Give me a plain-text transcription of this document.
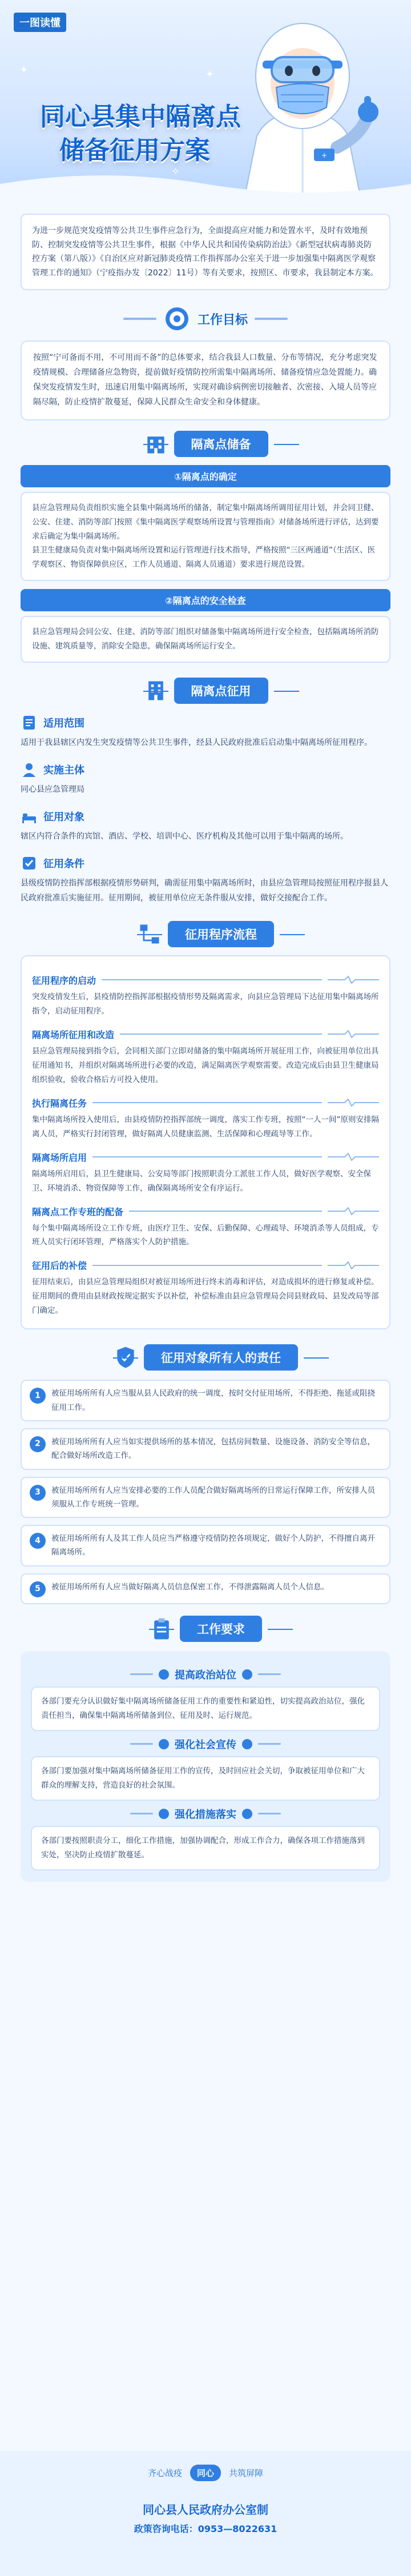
一图读懂
✦	✦
✧
同心县集中隔离点
储备征用方案	+

为进一步规范突发疫情等公共卫生事件应急行为，全面提高应对能力和处置水平，及时有效地预防、控制突发疫情等公共卫生事件，根据《中华人民共和国传染病防治法》《新型冠状病毒肺炎防控方案（第八版）》《自治区应对新冠肺炎疫情工作指挥部办公室关于进一步加强集中隔离医学观察管理工作的通知》（宁疫指办发〔2022〕11号）等有关要求，按照区、市要求，我县制定本方案。

工作目标

按照“宁可备而不用，不可用而不备”的总体要求，结合我县人口数量、分布等情况，充分考虑突发疫情规模、合理储备应急物资，提前做好疫情防控所需集中隔离场所、储备疫情应急处置能力。确保突发疫情发生时，迅速启用集中隔离场所，实现对确诊病例密切接触者、次密接、入境人员等应隔尽隔，防止疫情扩散蔓延，保障人民群众生命安全和身体健康。

隔离点储备
①隔离点的确定

县应急管理局负责组织实施全县集中隔离场所的储备，制定集中隔离场所调用征用计划，并会同卫健、公安、住建、消防等部门按照《集中隔离医学观察场所设置与管理指南》对储备场所进行评估，达到要求后确定为集中隔离场所。

县卫生健康局负责对集中隔离场所设置和运行管理进行技术指导，严格按照“三区两通道”（生活区、医学观察区、物资保障供应区，工作人员通道、隔离人员通道）要求进行规范设置。

②隔离点的安全检查

县应急管理局会同公安、住建、消防等部门组织对储备集中隔离场所进行安全检查，包括隔离场所消防设施、建筑质量等，消除安全隐患，确保隔离场所运行安全。

隔离点征用
适用范围

适用于我县辖区内发生突发疫情等公共卫生事件，经县人民政府批准后启动集中隔离场所征用程序。

实施主体

同心县应急管理局

征用对象

辖区内符合条件的宾馆、酒店、学校、培训中心、医疗机构及其他可以用于集中隔离的场所。

征用条件

县级疫情防控指挥部根据疫情形势研判，确需征用集中隔离场所时，由县应急管理局按照征用程序报县人民政府批准后实施征用。征用期间，被征用单位应无条件服从安排，做好交接配合工作。

征用程序流程
征用程序的启动

突发疫情发生后，县疫情防控指挥部根据疫情形势及隔离需求，向县应急管理局下达征用集中隔离场所指令，启动征用程序。

隔离场所征用和改造

县应急管理局接到指令后，会同相关部门立即对储备的集中隔离场所开展征用工作，向被征用单位出具征用通知书，并组织对隔离场所进行必要的改造，满足隔离医学观察需要。改造完成后由县卫生健康局组织验收，验收合格后方可投入使用。

执行隔离任务

集中隔离场所投入使用后，由县疫情防控指挥部统一调度，落实工作专班，按照“一人一间”原则安排隔离人员，严格实行封闭管理，做好隔离人员健康监测、生活保障和心理疏导等工作。

隔离场所启用

隔离场所启用后，县卫生健康局、公安局等部门按照职责分工派驻工作人员，做好医学观察、安全保卫、环境消杀、物资保障等工作，确保隔离场所安全有序运行。

隔离点工作专班的配备

每个集中隔离场所设立工作专班，由医疗卫生、安保、后勤保障、心理疏导、环境消杀等人员组成，专班人员实行闭环管理，严格落实个人防护措施。

征用后的补偿

征用结束后，由县应急管理局组织对被征用场所进行终末消毒和评估，对造成损坏的进行修复或补偿。征用期间的费用由县财政按规定据实予以补偿，补偿标准由县应急管理局会同县财政局、县发改局等部门确定。

征用对象所有人的责任
1	被征用场所所有人应当服从县人民政府的统一调度，按时交付征用场所，不得拒绝、拖延或阻挠征用工作。

2	被征用场所所有人应当如实提供场所的基本情况，包括房间数量、设施设备、消防安全等信息，配合做好场所改造工作。

3	被征用场所所有人应当安排必要的工作人员配合做好隔离场所的日常运行保障工作，所安排人员须服从工作专班统一管理。

4	被征用场所所有人及其工作人员应当严格遵守疫情防控各项规定，做好个人防护，不得擅自离开隔离场所。

5	被征用场所所有人应当做好隔离人员信息保密工作，不得泄露隔离人员个人信息。

工作要求
提高政治站位

各部门要充分认识做好集中隔离场所储备征用工作的重要性和紧迫性，切实提高政治站位，强化责任担当，确保集中隔离场所储备到位、征用及时、运行规范。

强化社会宣传

各部门要加强对集中隔离场所储备征用工作的宣传，及时回应社会关切，争取被征用单位和广大群众的理解支持，营造良好的社会氛围。

强化措施落实

各部门要按照职责分工，细化工作措施，加强协调配合，形成工作合力，确保各项工作措施落到实处，坚决防止疫情扩散蔓延。

齐心战疫	同心	共筑屏障
同心县人民政府办公室制
政策咨询电话：0953—8022631
